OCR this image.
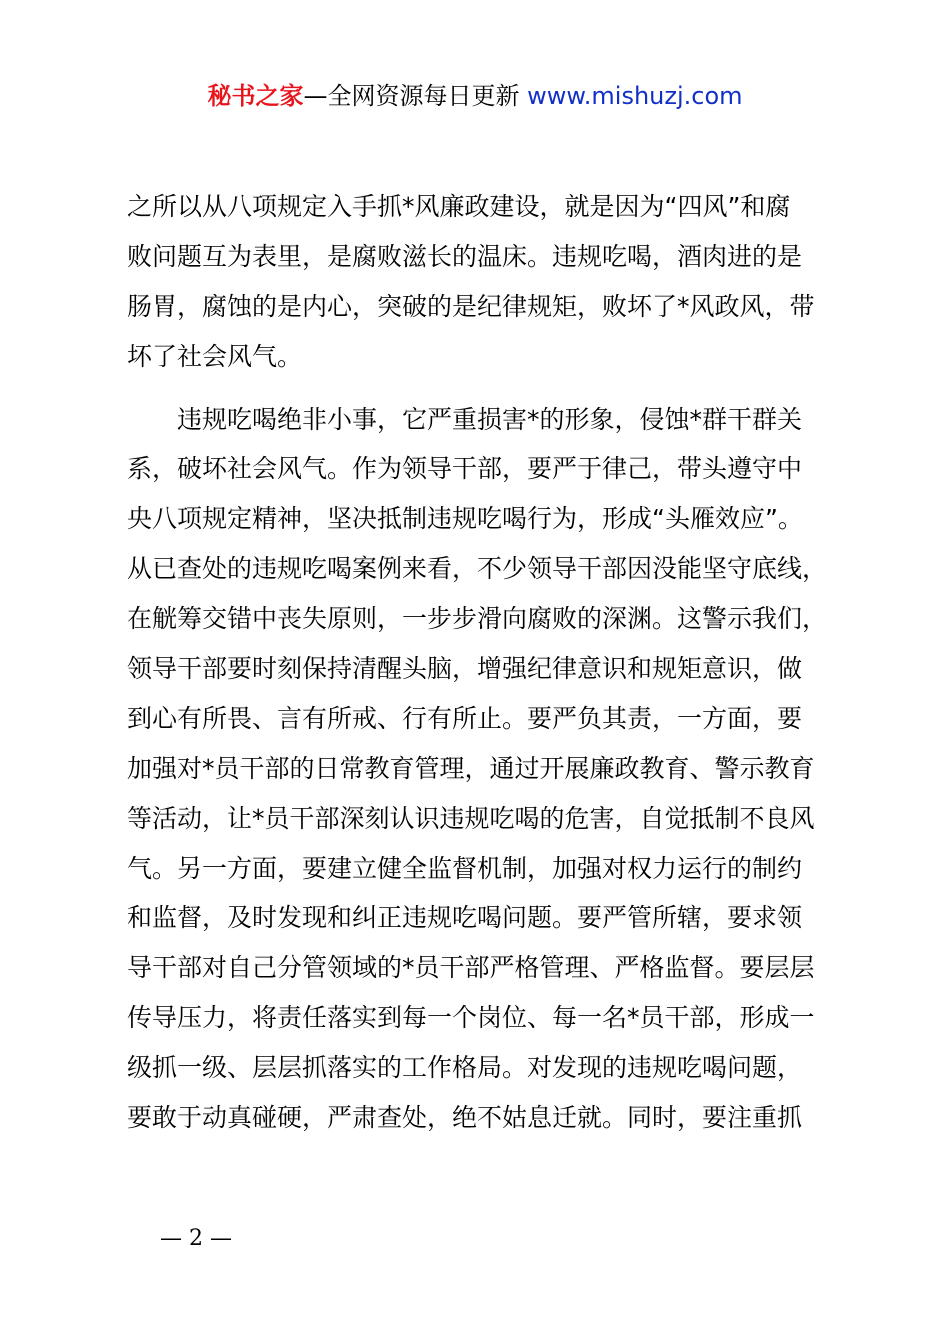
秘书之家—全网资源每日更新 www.mishuzj.com
之所以从八项规定入手抓*风廉政建设，就是因为“四风”和腐
败问题互为表里，是腐败滋长的温床。违规吃喝，酒肉进的是
肠胃，腐蚀的是内心，突破的是纪律规矩，败坏了*风政风，带
坏了社会风气。
　　违规吃喝绝非小事，它严重损害*的形象，侵蚀*群干群关
系，破坏社会风气。作为领导干部，要严于律己，带头遵守中
央八项规定精神，坚决抵制违规吃喝行为，形成“头雁效应”。
从已查处的违规吃喝案例来看，不少领导干部因没能坚守底线，
在觥筹交错中丧失原则，一步步滑向腐败的深渊。这警示我们，
领导干部要时刻保持清醒头脑，增强纪律意识和规矩意识，做
到心有所畏、言有所戒、行有所止。要严负其责，一方面，要
加强对*员干部的日常教育管理，通过开展廉政教育、警示教育
等活动，让*员干部深刻认识违规吃喝的危害，自觉抵制不良风
气。另一方面，要建立健全监督机制，加强对权力运行的制约
和监督，及时发现和纠正违规吃喝问题。要严管所辖，要求领
导干部对自己分管领域的*员干部严格管理、严格监督。要层层
传导压力，将责任落实到每一个岗位、每一名*员干部，形成一
级抓一级、层层抓落实的工作格局。对发现的违规吃喝问题，
要敢于动真碰硬，严肃查处，绝不姑息迁就。同时，要注重抓
— 2 —
